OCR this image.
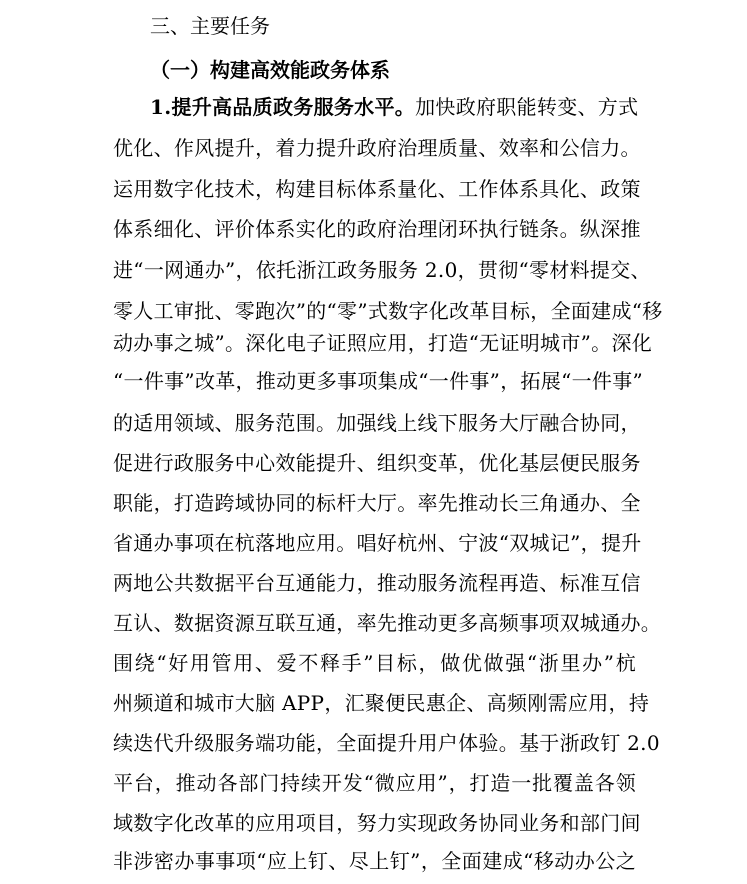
三、主要任务
（一）构建高效能政务体系
1.提升高品质政务服务水平。加快政府职能转变、方式
优化、作风提升，着力提升政府治理质量、效率和公信力。
运用数字化技术，构建目标体系量化、工作体系具化、政策
体系细化、评价体系实化的政府治理闭环执行链条。纵深推
进“一网通办”，依托浙江政务服务 2.0，贯彻“零材料提交、
零人工审批、零跑次”的“零”式数字化改革目标，全面建成“移
动办事之城”。深化电子证照应用，打造“无证明城市”。深化
“一件事”改革，推动更多事项集成“一件事”，拓展“一件事”
的适用领域、服务范围。加强线上线下服务大厅融合协同，
促进行政服务中心效能提升、组织变革，优化基层便民服务
职能，打造跨域协同的标杆大厅。率先推动长三角通办、全
省通办事项在杭落地应用。唱好杭州、宁波“双城记”，提升
两地公共数据平台互通能力，推动服务流程再造、标准互信
互认、数据资源互联互通，率先推动更多高频事项双城通办。
围绕“好用管用、爱不释手”目标，做优做强“浙里办”杭
州频道和城市大脑 APP，汇聚便民惠企、高频刚需应用，持
续迭代升级服务端功能，全面提升用户体验。基于浙政钉 2.0
平台，推动各部门持续开发“微应用”，打造一批覆盖各领
域数字化改革的应用项目，努力实现政务协同业务和部门间
非涉密办事事项“应上钉、尽上钉”，全面建成“移动办公之
